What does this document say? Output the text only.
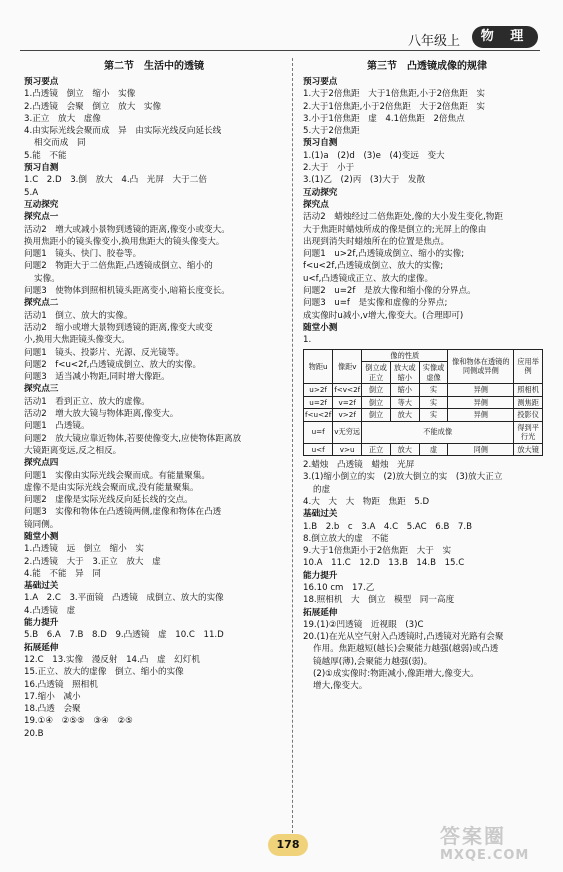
八年级上	物 理
第二节　生活中的透镜
预习要点
1.凸透镜　倒立　缩小　实像
2.凸透镜　会聚　倒立　放大　实像
3.正立　放大　虚像
4.由实际光线会聚而成　异　由实际光线反向延长线
相交而成　同
5.能　不能
预习自测
1.C　2.D　3.倒　放大　4.凸　光屏　大于二倍
5.A
互动探究
探究点一
活动2　增大或减小景物到透镜的距离,像变小或变大。
换用焦距小的镜头像变小,换用焦距大的镜头像变大。
问题1　镜头、快门、胶卷等。
问题2　物距大于二倍焦距,凸透镜成倒立、缩小的
实像。
问题3　使物体到照相机镜头距离变小,暗箱长度变长。
探究点二
活动1　倒立、放大的实像。
活动2　缩小或增大景物到透镜的距离,像变大或变
小,换用大焦距镜头像变大。
问题1　镜头、投影片、光源、反光镜等。
问题2　f<u<2f,凸透镜成倒立、放大的实像。
问题3　适当减小物距,同时增大像距。
探究点三
活动1　看到正立、放大的虚像。
活动2　增大放大镜与物体距离,像变大。
问题1　凸透镜。
问题2　放大镜应靠近物体,若要使像变大,应使物体距离放
大镜距离变远,反之相反。
探究点四
问题1　实像由实际光线会聚而成。有能量聚集。
虚像不是由实际光线会聚而成,没有能量聚集。
问题2　虚像是实际光线反向延长线的交点。
问题3　实像和物体在凸透镜两侧,虚像和物体在凸透
镜同侧。
随堂小测
1.凸透镜　远　倒立　缩小　实
2.凸透镜　大于　3.正立　放大　虚
4.能　不能　异　同
基础过关
1.A　2.C　3.平面镜　凸透镜　成倒立、放大的实像
4.凸透镜　虚
能力提升
5.B　6.A　7.B　8.D　9.凸透镜　虚　10.C　11.D
拓展延伸
12.C　13.实像　漫反射　14.凸　虚　幻灯机
15.正立、放大的虚像　倒立、缩小的实像
16.凸透镜　照相机
17.缩小　减小
18.凸透　会聚
19.①④　②⑤⑤　③④　②⑤
20.B
第三节　凸透镜成像的规律
预习要点
1.大于2倍焦距　大于1倍焦距,小于2倍焦距　实
2.大于1倍焦距,小于2倍焦距　大于2倍焦距　实
3.小于1倍焦距　虚　4.1倍焦距　2倍焦点
5.大于2倍焦距
预习自测
1.(1)a　(2)d　(3)e　(4)变远　变大
2.大于　小于
3.(1)乙　(2)丙　(3)大于　发散
互动探究
探究点
活动2　蜡烛经过二倍焦距处,像的大小发生变化,物距
大于焦距时蜡烛所成的像是倒立的;光屏上的像由
出现到消失时蜡烛所在的位置是焦点。
问题1　u>2f,凸透镜成倒立、缩小的实像;
f<u<2f,凸透镜成倒立、放大的实像;
u<f,凸透镜成正立、放大的虚像。
问题2　u=2f　是放大像和缩小像的分界点。
问题3　u=f　是实像和虚像的分界点;
成实像时u减小,v增大,像变大。(合理即可)
随堂小测
1.
物距u	像距v	像的性质			像和物体在透镜的同侧或异侧	应用举例
		倒立或正立	放大或缩小	实像或虚像		
u>2f	f<v<2f	倒立	缩小	实	异侧	照相机
u=2f	v=2f	倒立	等大	实	异侧	测焦距
f<u<2f	v>2f	倒立	放大	实	异侧	投影仪
u=f	v无穷远	不能成像				得到平行光
u<f	v>u	正立	放大	虚	同侧	放大镜
2.蜡烛　凸透镜　蜡烛　光屏
3.(1)缩小倒立的实　(2)放大倒立的实　(3)放大正立
的虚
4.大　大　大　物距　焦距　5.D
基础过关
1.B　2.b　c　3.A　4.C　5.AC　6.B　7.B
8.倒立放大的虚　不能
9.大于1倍焦距小于2倍焦距　大于　实
10.A　11.C　12.D　13.B　14.B　15.C
能力提升
16.10 cm　17.乙
18.照相机　大　倒立　模型　同一高度
拓展延伸
19.(1)②凹透镜　近视眼　(3)C
20.(1)在光从空气射入凸透镜时,凸透镜对光路有会聚
作用。焦距越短(越长)会聚能力越强(越弱)或凸透
镜越厚(薄),会聚能力越强(弱)。
(2)①成实像时:物距减小,像距增大,像变大。
增大,像变大。
178	答案圈
MXQE.COM
